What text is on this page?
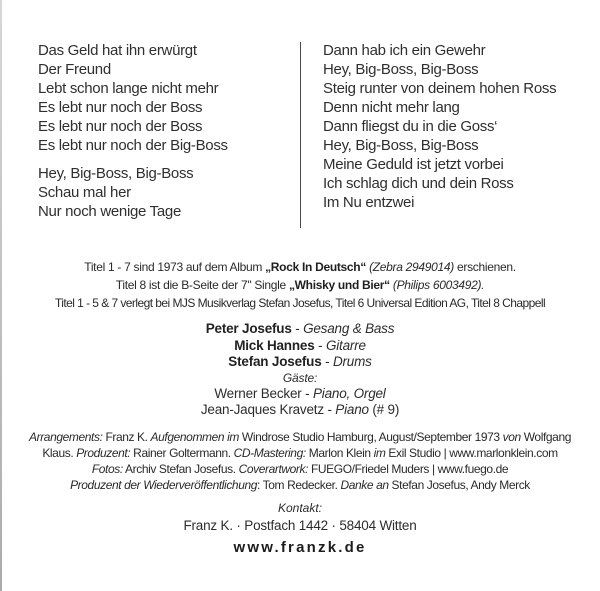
Das Geld hat ihn erwürgt
Der Freund
Lebt schon lange nicht mehr
Es lebt nur noch der Boss
Es lebt nur noch der Boss
Es lebt nur noch der Big-Boss
Hey, Big-Boss, Big-Boss
Schau mal her
Nur noch wenige Tage
Dann hab ich ein Gewehr
Hey, Big-Boss, Big-Boss
Steig runter von deinem hohen Ross
Denn nicht mehr lang
Dann fliegst du in die Goss‘
Hey, Big-Boss, Big-Boss
Meine Geduld ist jetzt vorbei
Ich schlag dich und dein Ross
Im Nu entzwei

Titel 1 - 7 sind 1973 auf dem Album „Rock In Deutsch“ (Zebra 2949014) erschienen.

Titel 8 ist die B-Seite der 7" Single „Whisky und Bier“ (Philips 6003492).

Titel 1 - 5 & 7 verlegt bei MJS Musikverlag Stefan Josefus, Titel 6 Universal Edition AG, Titel 8 Chappell

Peter Josefus - Gesang & Bass

Mick Hannes - Gitarre

Stefan Josefus - Drums

Gäste:

Werner Becker - Piano, Orgel

Jean-Jaques Kravetz - Piano (# 9)

Arrangements: Franz K. Aufgenommen im Windrose Studio Hamburg, August/September 1973 von Wolfgang
Klaus. Produzent: Rainer Goltermann. CD-Mastering: Marlon Klein im Exil Studio | www.marlonklein.com

Fotos: Archiv Stefan Josefus. Coverartwork: FUEGO/Friedel Muders | www.fuego.de

Produzent der Wiederveröffentlichung: Tom Redecker. Danke an Stefan Josefus, Andy Merck

Kontakt:

Franz K. · Postfach 1442 · 58404 Witten

www.franzk.de
